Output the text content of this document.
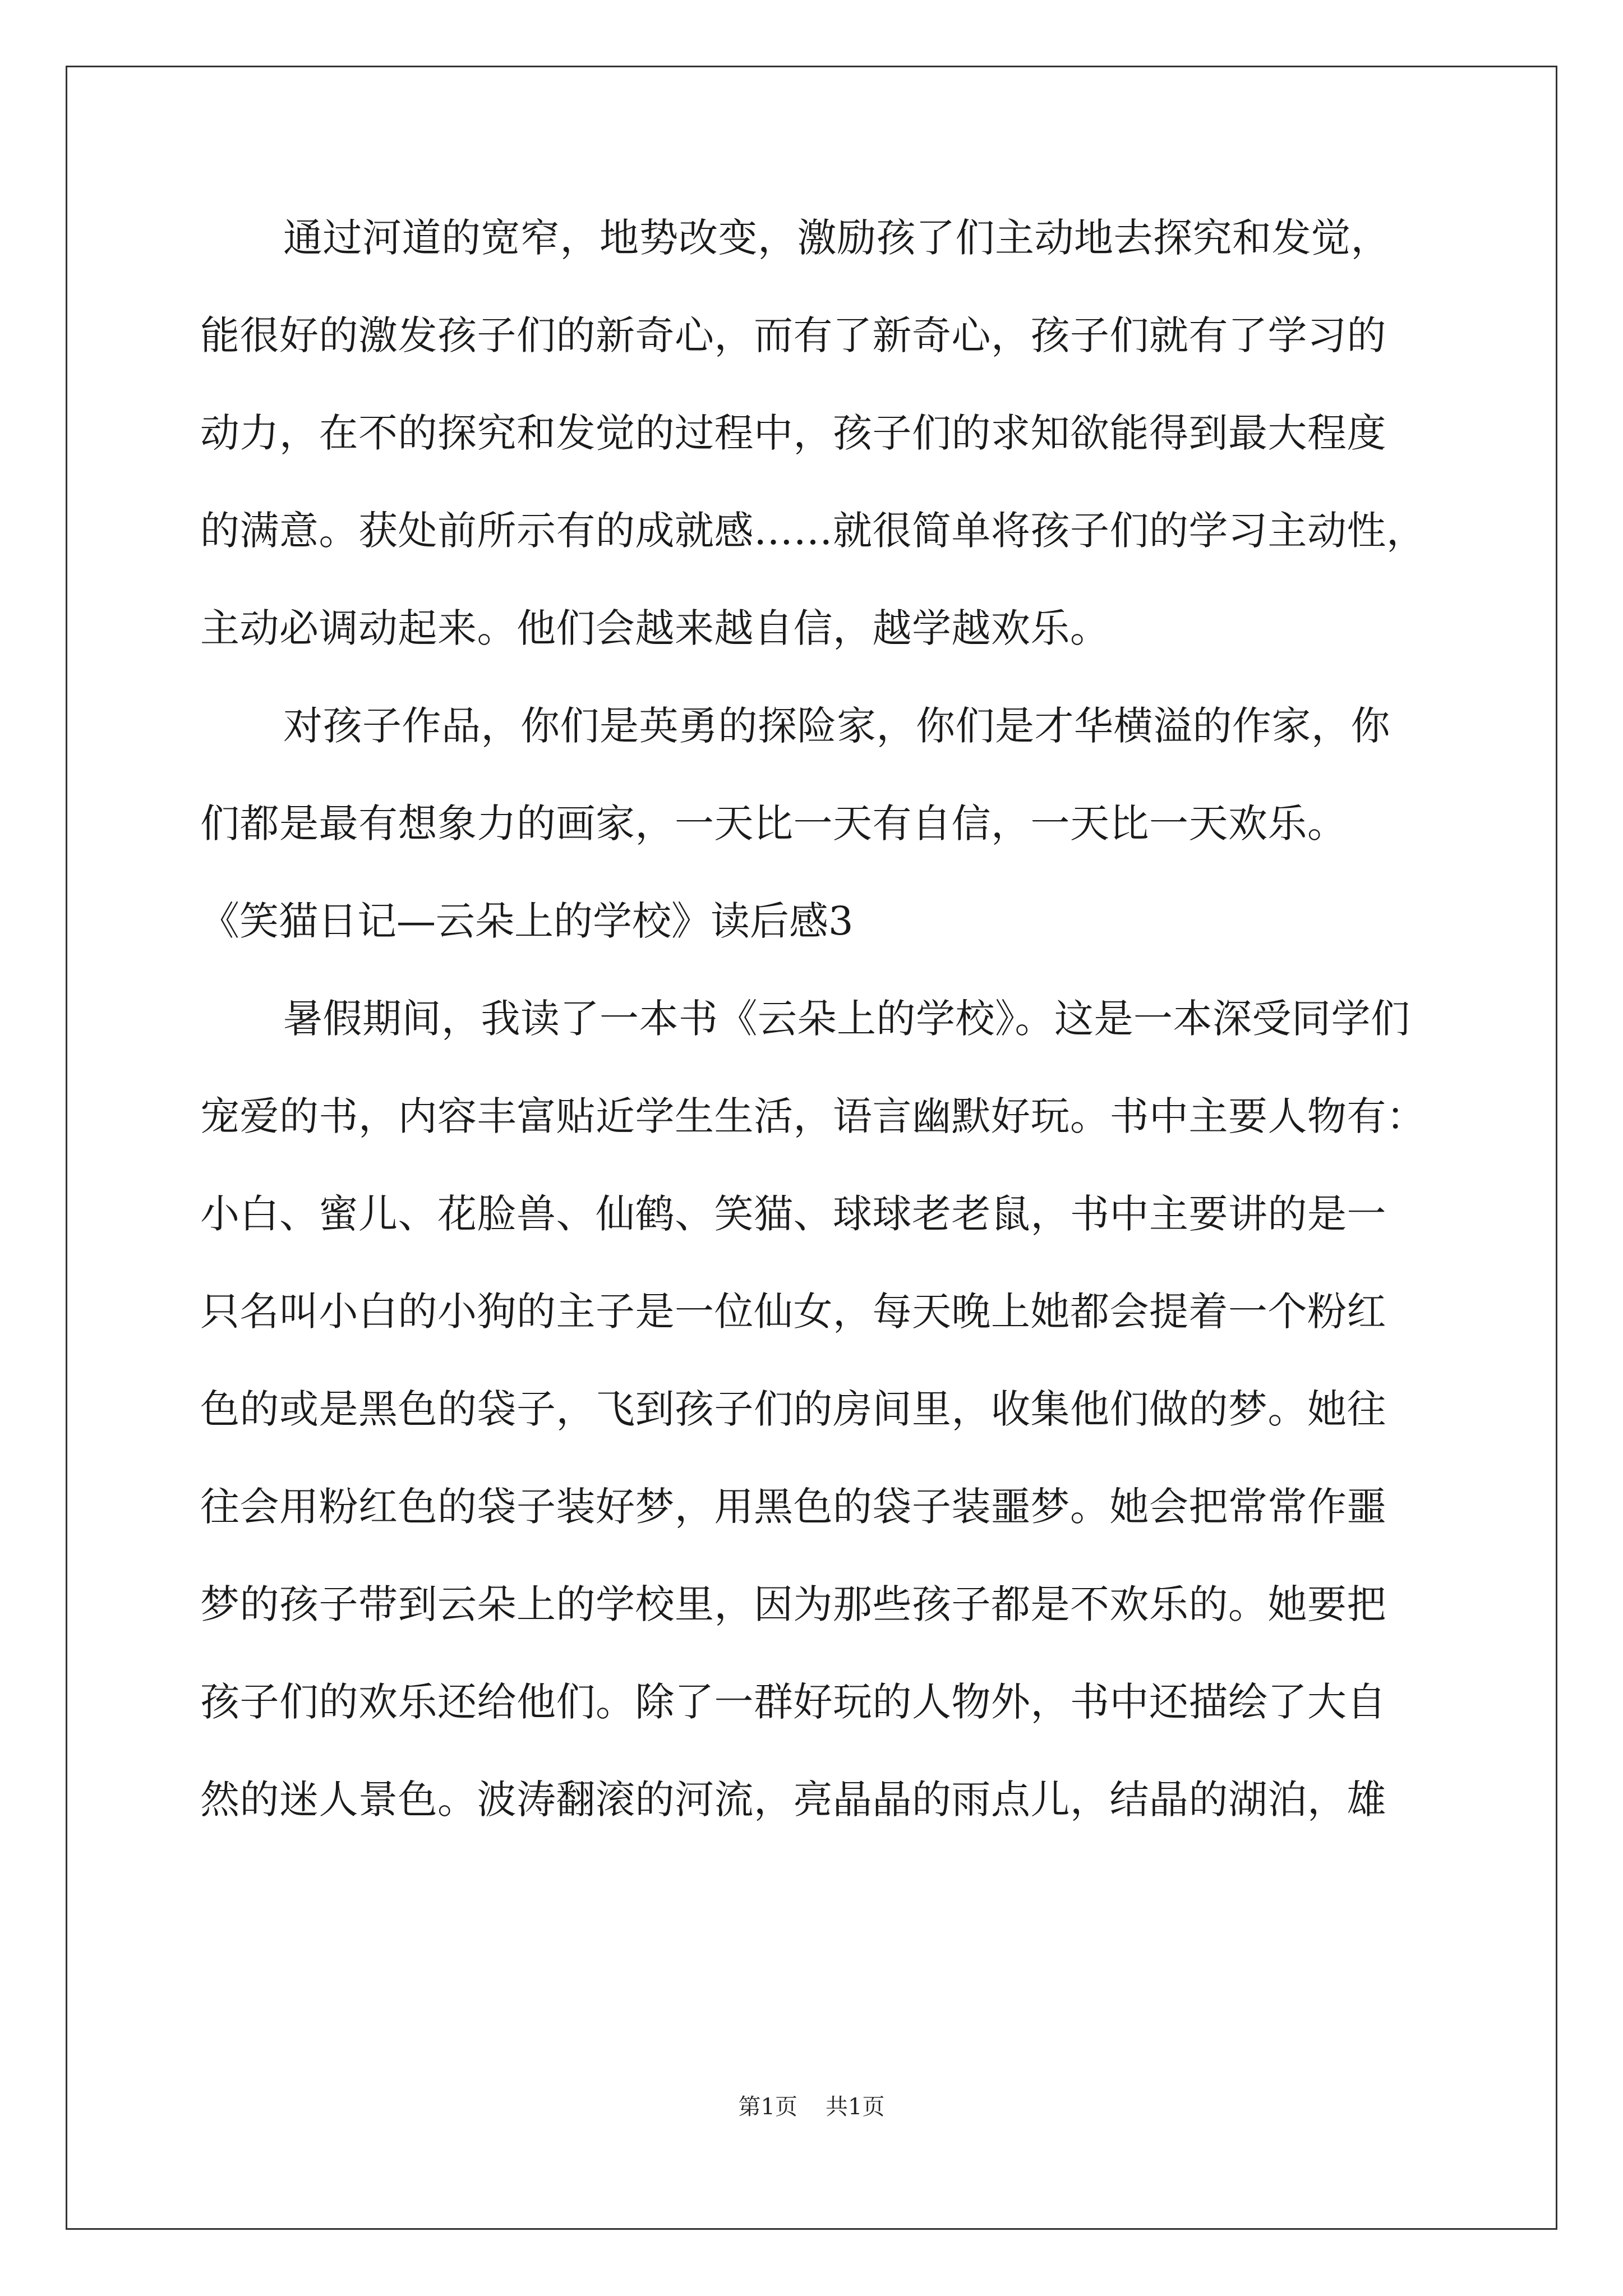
通过河道的宽窄，地势改变，激励孩了们主动地去探究和发觉，
能很好的激发孩子们的新奇心，而有了新奇心，孩子们就有了学习的
动力，在不的探究和发觉的过程中，孩子们的求知欲能得到最大程度
的满意。获处前所示有的成就感……就很简单将孩子们的学习主动性，
主动必调动起来。他们会越来越自信，越学越欢乐。
对孩子作品，你们是英勇的探险家，你们是才华横溢的作家，你
们都是最有想象力的画家，一天比一天有自信，一天比一天欢乐。
《笑猫日记—云朵上的学校》读后感3
暑假期间，我读了一本书《云朵上的学校》。这是一本深受同学们
宠爱的书，内容丰富贴近学生生活，语言幽默好玩。书中主要人物有：
小白、蜜儿、花脸兽、仙鹤、笑猫、球球老老鼠，书中主要讲的是一
只名叫小白的小狗的主子是一位仙女，每天晚上她都会提着一个粉红
色的或是黑色的袋子，飞到孩子们的房间里，收集他们做的梦。她往
往会用粉红色的袋子装好梦，用黑色的袋子装噩梦。她会把常常作噩
梦的孩子带到云朵上的学校里，因为那些孩子都是不欢乐的。她要把
孩子们的欢乐还给他们。除了一群好玩的人物外，书中还描绘了大自
然的迷人景色。波涛翻滚的河流，亮晶晶的雨点儿，结晶的湖泊，雄
第1页 共1页
